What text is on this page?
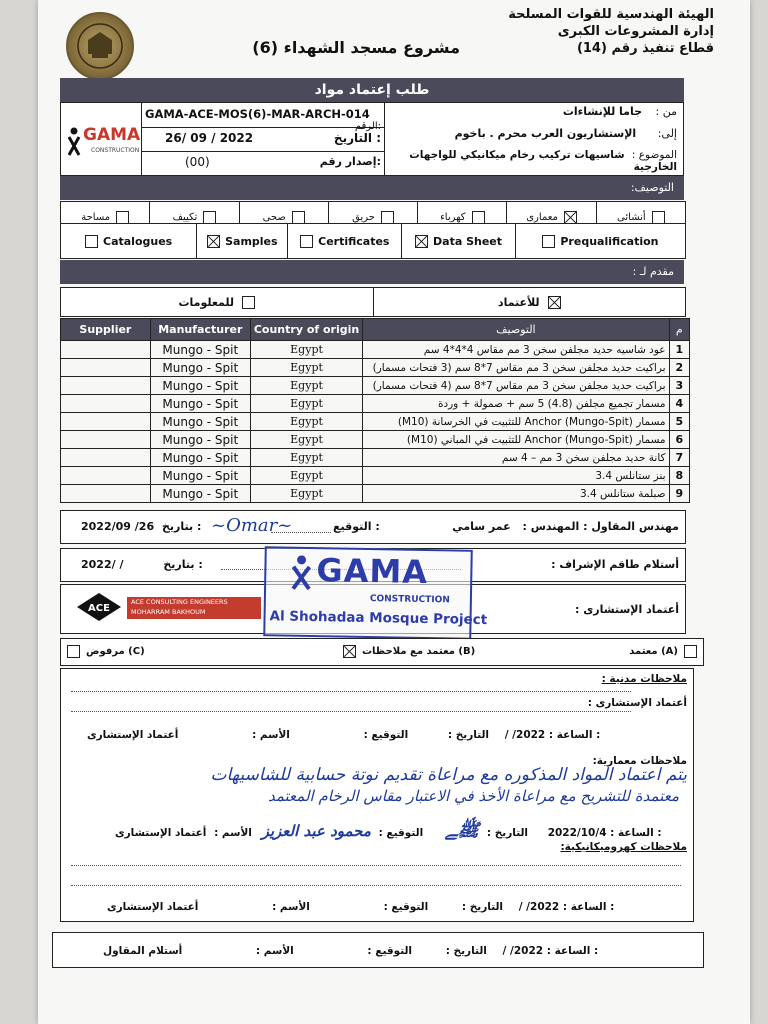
الهيئة الهندسية للقوات المسلحة
إدارة المشروعات الكبرى
قطاع تنفيذ رقم (14)
مشروع مسجد الشهداء (6)
طلب إعتماد مواد
GAMA
CONSTRUCTION
GAMA-ACE-MOS(6)-MAR-ARCH-014
الرقم:
26/ 09 / 2022	التاريخ :
(00)	إصدار رقم:
من : جاما للإنشاءات
إلى: الإستشاريون العرب محرم . باخوم
الموضوع : شاسيهات تركيب رخام ميكانيكي للواجهات الخارجية
التوصيف:
أنشائى
معمارى
كهرباء
حريق
صحى
تكييف
مساحة
Prequalification
Data Sheet
Certificates
Samples
Catalogues
مقدم لـ :
للأعتماد
للمعلومات
Supplier	Manufacturer	Country of origin	التوصيف	م
	Mungo - Spit	Egypt	عود شاسيه حديد مجلفن سخن 3 مم مقاس 4*4*4 سم	1
	Mungo - Spit	Egypt	براكيت حديد مجلفن سخن 3 مم مقاس 7*8 سم (3 فتحات مسمار)	2
	Mungo - Spit	Egypt	براكيت حديد مجلفن سخن 3 مم مقاس 7*8 سم (4 فتحات مسمار)	3
	Mungo - Spit	Egypt	مسمار تجميع مجلفن (4.8) 5 سم + صمولة + وردة	4
	Mungo - Spit	Egypt	مسمار Anchor (Mungo-Spit) للتثبيت في الخرسانة (M10)	5
	Mungo - Spit	Egypt	مسمار Anchor (Mungo-Spit) للتثبيت في المباني (M10)	6
	Mungo - Spit	Egypt	كانة حديد مجلفن سخن 3 مم – 4 سم	7
	Mungo - Spit	Egypt	بنز ستانلس 3.4	8
	Mungo - Spit	Egypt	صبلمة ستانلس 3.4	9
مهندس المقاول : المهندس : عمر سامي
التوقيع :
~Omar~
2022/09 /26 بتاريخ :
أستلام طاقم الإشراف :
2022/ /	بتاريخ :
ACE
ACE CONSULTING ENGINEERS
MOHARRAM BAKHOUM	أعتماد الإستشارى :
GAMA
CONSTRUCTION
Al Shohadaa Mosque Project
معتمد (A)
معتمد مع ملاحظات (B)
مرفوض (C)
ملاحظات مدنية :
أعتماد الإستشارى :
الساعة : 2022/ / التاريخ : التوقيع : الأسم : أعتماد الإستشارى :
ملاحظات معمارية:
يتم اعتماد المواد المذكوره مع مراعاة تقديم نوتة حسابية للشاسيهات
معتمدة للتشريح مع مراعاة الأخذ في الاعتبار مقاس الرخام المعتمد
الساعة : 2022/10/4 التاريخ : ﷺﮯ التوقيع : محمود عبد العزيز الأسم : أعتماد الإستشارى :
ملاحظات كهروميكانيكية:
الساعة : 2022/ / التاريخ : التوقيع : الأسم : أعتماد الإستشارى :
الساعة : 2022/ / التاريخ : التوقيع : الأسم : أستلام المقاول :
